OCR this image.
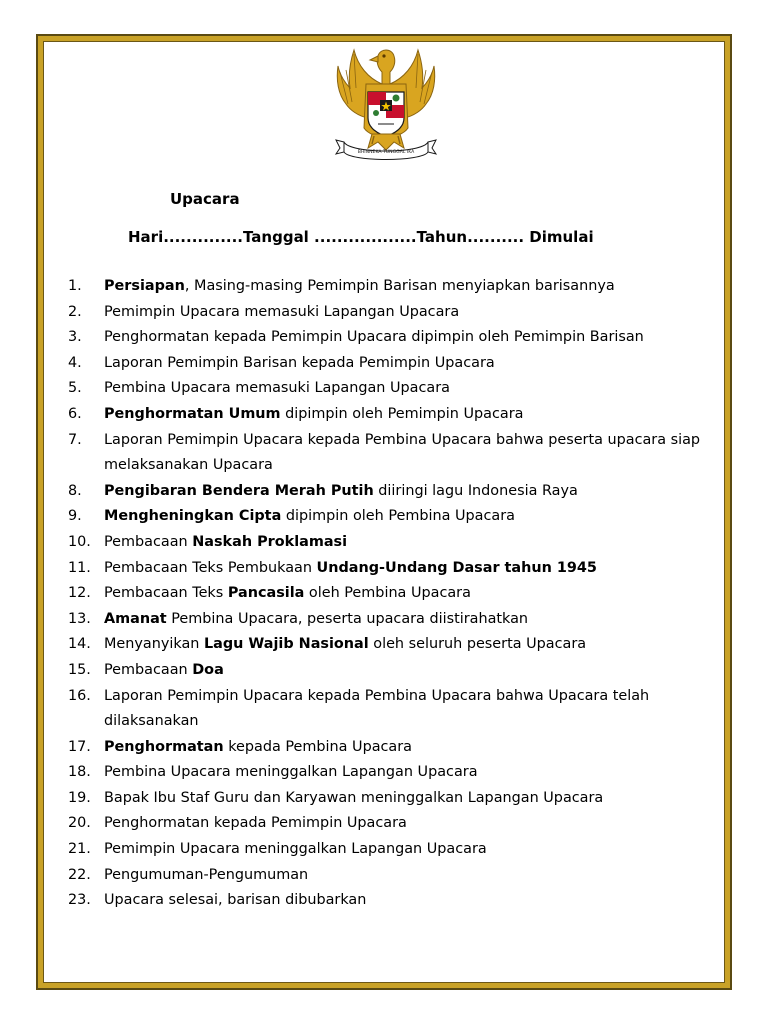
BHINNEKA TUNGGAL IKA
Upacara
Hari..............Tanggal ..................Tahun.......... Dimulai
1.	Persiapan, Masing-masing Pemimpin Barisan menyiapkan barisannya
2.	Pemimpin Upacara memasuki Lapangan Upacara
3.	Penghormatan kepada Pemimpin Upacara dipimpin oleh Pemimpin Barisan
4.	Laporan Pemimpin Barisan kepada Pemimpin Upacara
5.	Pembina Upacara memasuki Lapangan Upacara
6.	Penghormatan Umum dipimpin oleh Pemimpin Upacara
7.	Laporan Pemimpin Upacara kepada Pembina Upacara bahwa peserta upacara siap melaksanakan Upacara
8.	Pengibaran Bendera Merah Putih diiringi lagu Indonesia Raya
9.	Mengheningkan Cipta dipimpin oleh Pembina Upacara
10. Pembacaan Naskah Proklamasi
11. Pembacaan Teks Pembukaan Undang-Undang Dasar tahun 1945
12. Pembacaan Teks Pancasila oleh Pembina Upacara
13. Amanat Pembina Upacara, peserta upacara diistirahatkan
14. Menyanyikan Lagu Wajib Nasional oleh seluruh peserta Upacara
15. Pembacaan Doa
16. Laporan Pemimpin Upacara kepada Pembina Upacara bahwa Upacara telah dilaksanakan
17. Penghormatan kepada Pembina Upacara
18. Pembina Upacara meninggalkan Lapangan Upacara
19. Bapak Ibu Staf Guru dan Karyawan meninggalkan Lapangan Upacara
20. Penghormatan kepada Pemimpin Upacara
21. Pemimpin Upacara meninggalkan Lapangan Upacara
22. Pengumuman-Pengumuman
23. Upacara selesai, barisan dibubarkan
